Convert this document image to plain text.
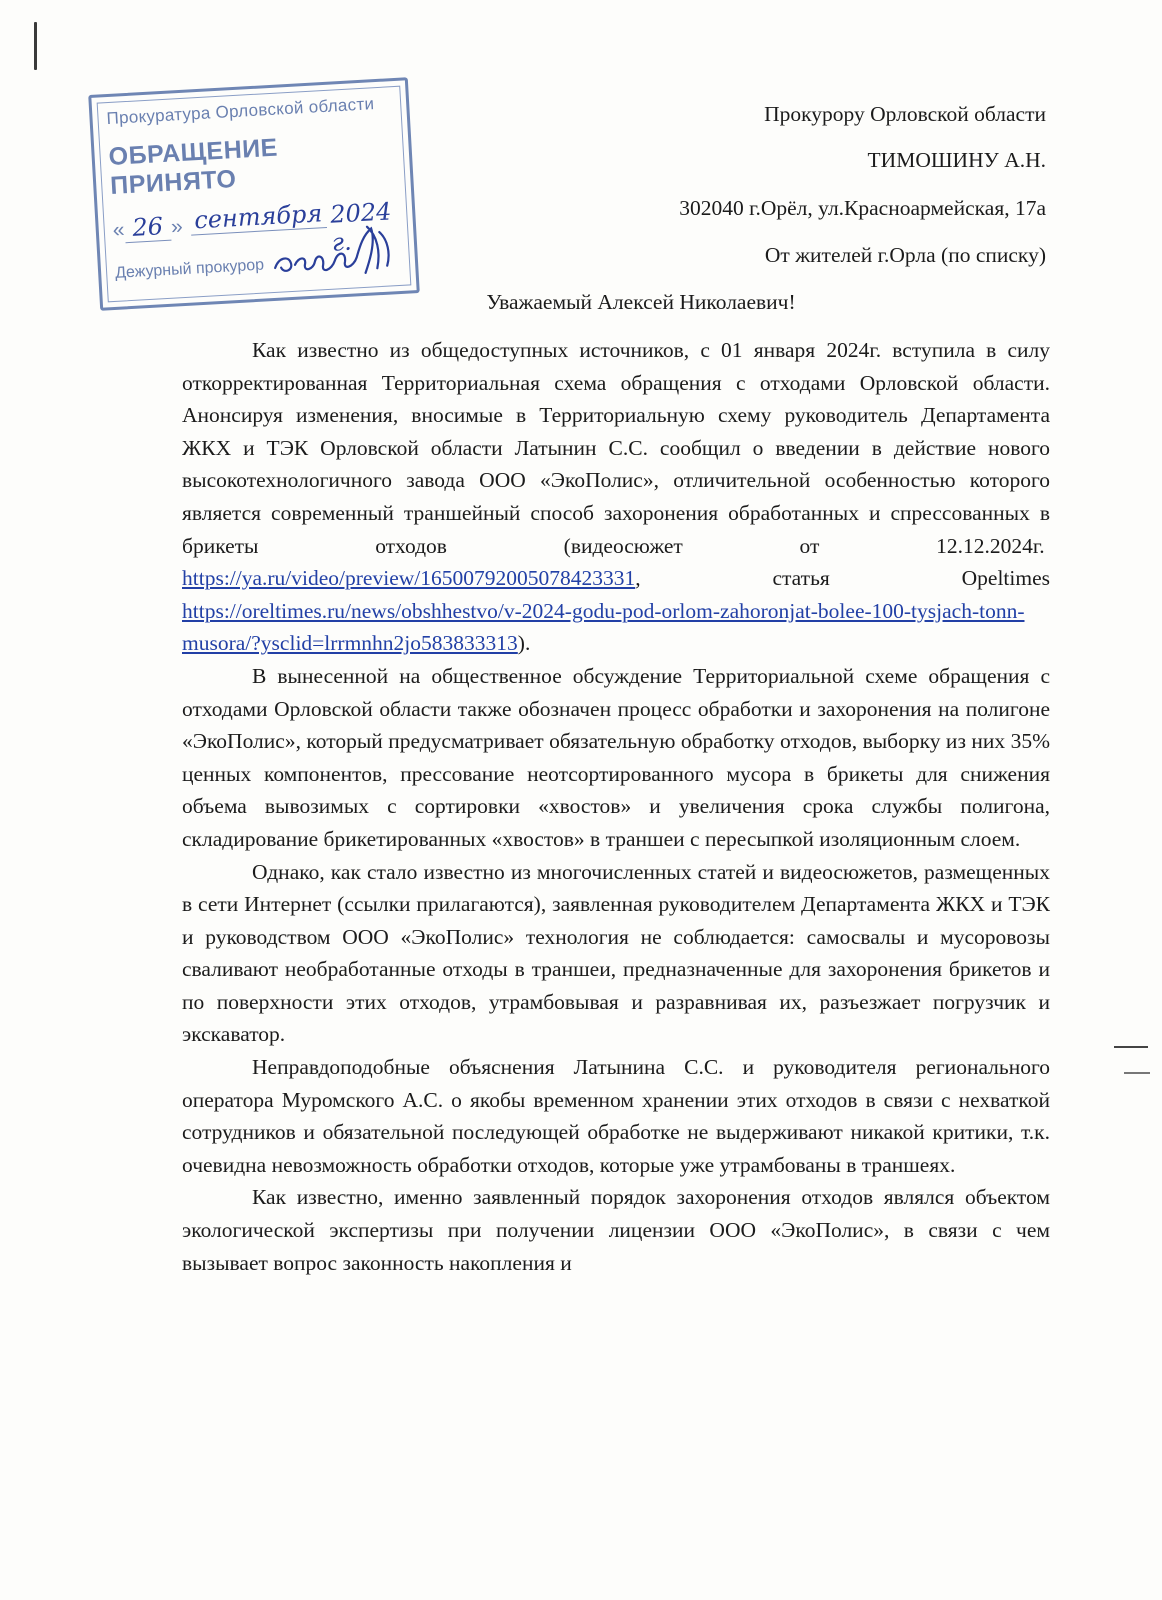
Прокуратура Орловской области
ОБРАЩЕНИЕ ПРИНЯТО
« 26 » сентября 2024 г.
Дежурный прокурор
Прокурору Орловской области
ТИМОШИНУ А.Н.
302040 г.Орёл, ул.Красноармейская, 17а
От жителей г.Орла (по списку)
Уважаемый Алексей Николаевич!

Как известно из общедоступных источников, с 01 января 2024г. вступила в силу откорректированная Территориальная схема обращения с отходами Орловской области. Анонсируя изменения, вносимые в Территориальную схему руководитель Департамента ЖКХ и ТЭК Орловской области Латынин С.С. сообщил о введении в действие нового высокотехнологичного завода ООО «ЭкоПолис», отличительной особенностью которого является современный траншейный способ захоронения обработанных и спрессованных в брикеты отходов (видеосюжет от 12.12.2024г.  https://ya.ru/video/preview/16500792005078423331, статья Ореltimes https://oreltimes.ru/news/obshhestvo/v-2024-godu-pod-orlom-zahoronjat-bolee-100-tysjach-tonn-musora/?ysclid=lrrmnhn2jo583833313).

В вынесенной на общественное обсуждение Территориальной схеме обращения с отходами Орловской области также обозначен процесс обработки и захоронения на полигоне «ЭкоПолис», который предусматривает обязательную обработку отходов, выборку из них 35% ценных компонентов, прессование неотсортированного мусора в брикеты для снижения объема вывозимых с сортировки «хвостов» и увеличения срока службы полигона, складирование брикетированных «хвостов» в траншеи с пересыпкой изоляционным слоем.

Однако, как стало известно из многочисленных статей и видеосюжетов, размещенных в сети Интернет (ссылки прилагаются), заявленная руководителем Департамента ЖКХ и ТЭК и руководством ООО «ЭкоПолис» технология не соблюдается: самосвалы и мусоровозы сваливают необработанные отходы в траншеи, предназначенные для захоронения брикетов и по поверхности этих отходов, утрамбовывая и разравнивая их, разъезжает погрузчик и экскаватор.

Неправдоподобные объяснения Латынина С.С. и руководителя регионального оператора Муромского А.С. о якобы временном хранении этих отходов в связи с нехваткой сотрудников и обязательной последующей обработке не выдерживают никакой критики, т.к. очевидна невозможность обработки отходов, которые уже утрамбованы в траншеях.

Как известно, именно заявленный порядок захоронения отходов являлся объектом экологической экспертизы при получении лицензии ООО «ЭкоПолис», в связи с чем вызывает вопрос законность накопления и
